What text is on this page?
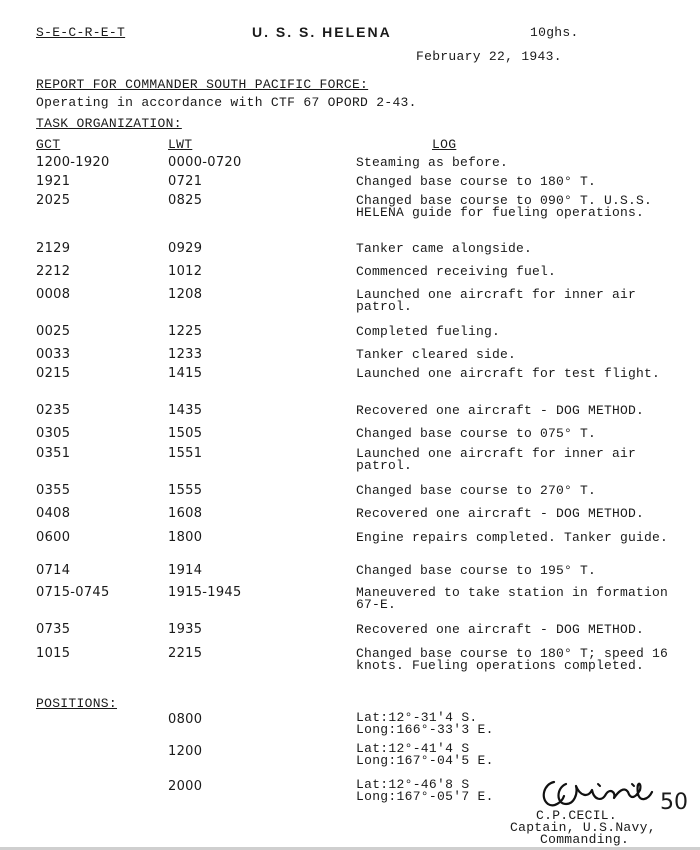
S-E-C-R-E-T	U. S. S. HELENA	10ghs.
February 22, 1943.
REPORT FOR COMMANDER SOUTH PACIFIC FORCE:
Operating in accordance with CTF 67 OPORD 2-43.
TASK ORGANIZATION:
GCT	LWT	LOG
1200-1920	0000-0720	Steaming as before.
1921	0721	Changed base course to 180° T.
2025	0825	Changed base course to 090° T. U.S.S. HELENA guide for fueling operations.
2129	0929	Tanker came alongside.
2212	1012	Commenced receiving fuel.
0008	1208	Launched one aircraft for inner air patrol.
0025	1225	Completed fueling.
0033	1233	Tanker cleared side.
0215	1415	Launched one aircraft for test flight.
0235	1435	Recovered one aircraft - DOG METHOD.
0305	1505	Changed base course to 075° T.
0351	1551	Launched one aircraft for inner air patrol.
0355	1555	Changed base course to 270° T.
0408	1608	Recovered one aircraft - DOG METHOD.
0600	1800	Engine repairs completed. Tanker guide.
0714	1914	Changed base course to 195° T.
0715-0745	1915-1945	Maneuvered to take station in formation 67-E.
0735	1935	Recovered one aircraft - DOG METHOD.
1015	2215	Changed base course to 180° T; speed 16 knots. Fueling operations completed.
POSITIONS:
0800	Lat:12°-31'4 S.
Long:166°-33'3 E.
1200	Lat:12°-41'4 S
Long:167°-04'5 E.
2000	Lat:12°-46'8 S
Long:167°-05'7 E.
C.P.CECIL.
Captain, U.S.Navy,
Commanding.
50
